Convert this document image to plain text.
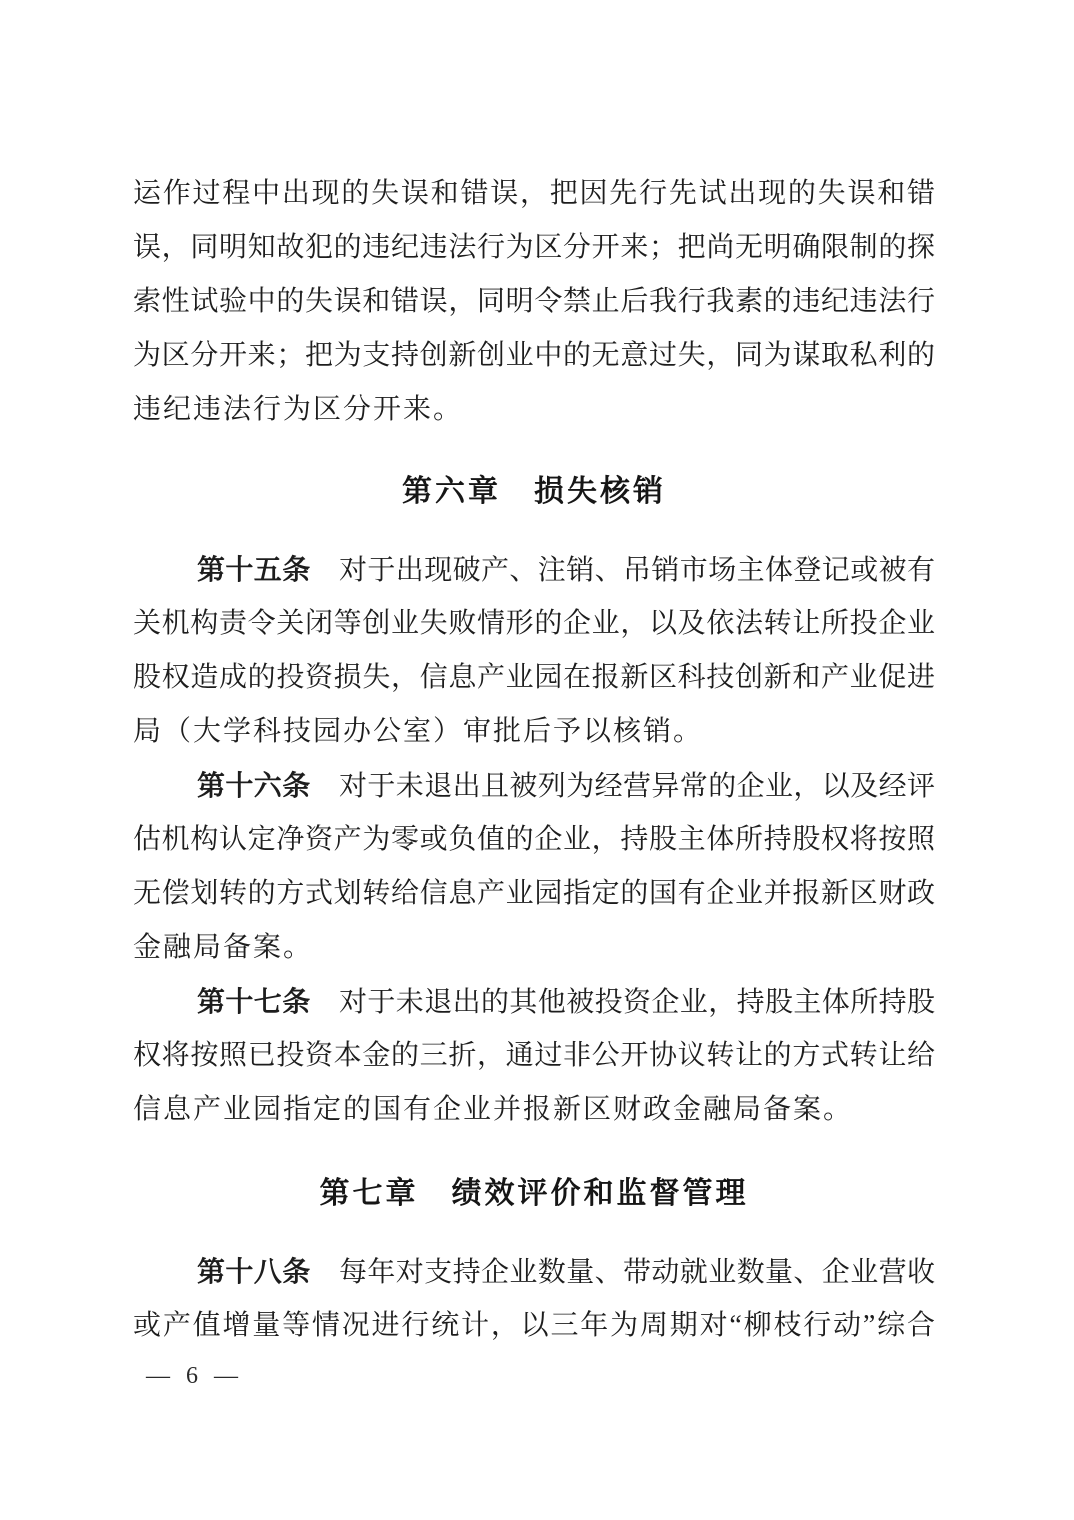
运作过程中出现的失误和错误，把因先行先试出现的失误和错
误，同明知故犯的违纪违法行为区分开来；把尚无明确限制的探
索性试验中的失误和错误，同明令禁止后我行我素的违纪违法行
为区分开来；把为支持创新创业中的无意过失，同为谋取私利的
违纪违法行为区分开来。
第六章　损失核销
第十五条　对于出现破产、注销、吊销市场主体登记或被有
关机构责令关闭等创业失败情形的企业，以及依法转让所投企业
股权造成的投资损失，信息产业园在报新区科技创新和产业促进
局（大学科技园办公室）审批后予以核销。
第十六条　对于未退出且被列为经营异常的企业，以及经评
估机构认定净资产为零或负值的企业，持股主体所持股权将按照
无偿划转的方式划转给信息产业园指定的国有企业并报新区财政
金融局备案。
第十七条　对于未退出的其他被投资企业，持股主体所持股
权将按照已投资本金的三折，通过非公开协议转让的方式转让给
信息产业园指定的国有企业并报新区财政金融局备案。
第七章　绩效评价和监督管理
第十八条　每年对支持企业数量、带动就业数量、企业营收
或产值增量等情况进行统计，以三年为周期对“柳枝行动”综合
— 6 —
